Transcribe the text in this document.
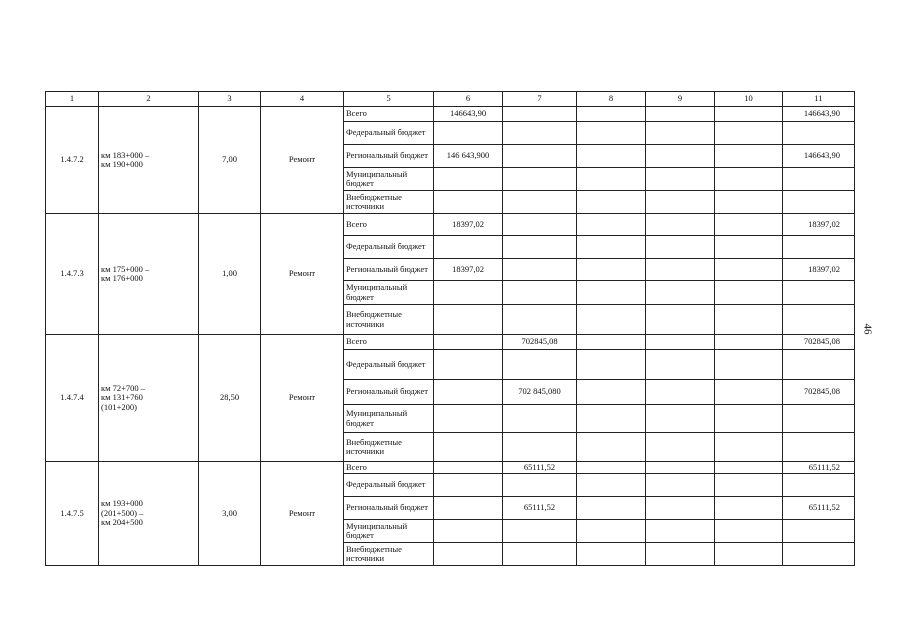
46
1	2	3	4	5	6	7	8	9	10	11
1.4.7.2	км 183+000 –
км 190+000	7,00	Ремонт	Всего	146643,90					146643,90
				Федеральный бюджет						
				Региональный бюджет	146 643,900					146643,90
				Муниципальный бюджет						
				Внебюджетные источники						
1.4.7.3	км 175+000 –
км 176+000	1,00	Ремонт	Всего	18397,02					18397,02
				Федеральный бюджет						
				Региональный бюджет	18397,02					18397,02
				Муниципальный бюджет						
				Внебюджетные источники						
1.4.7.4	км 72+700 –
км 131+760
(101+200)	28,50	Ремонт	Всего		702845,08				702845,08
				Федеральный бюджет						
				Региональный бюджет		702 845,080				702845,08
				Муниципальный бюджет						
				Внебюджетные источники						
1.4.7.5	км 193+000
(201+500) –
км 204+500	3,00	Ремонт	Всего		65111,52				65111,52
				Федеральный бюджет						
				Региональный бюджет		65111,52				65111,52
				Муниципальный бюджет						
				Внебюджетные источники						
